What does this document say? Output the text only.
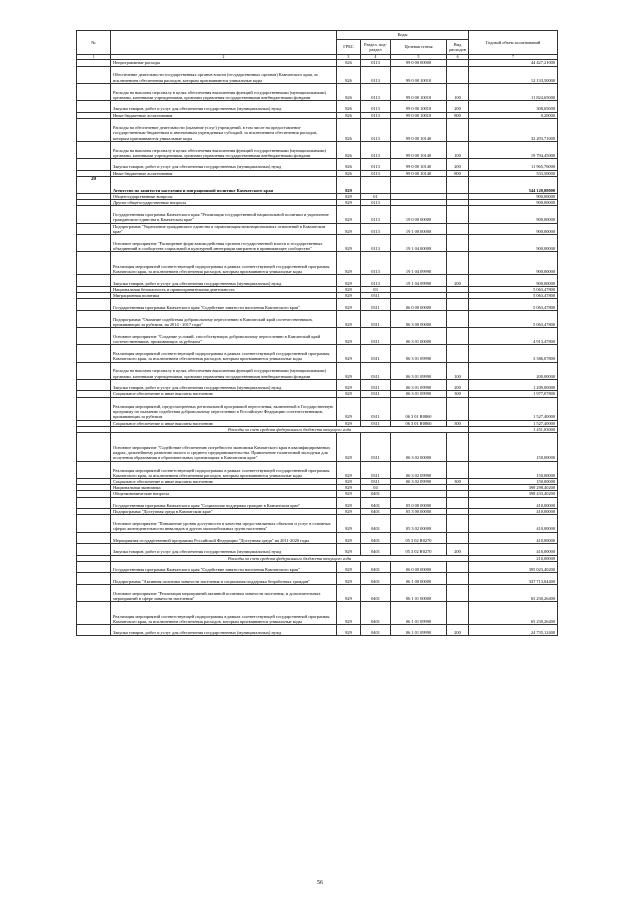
№		Коды				Годовой объем ассигнований
		ГРБС	Раздел, под-раздел	Целевая статья	Вид расходов	
1	2	3	4	5	6	7
	Непрограммные расходы	826	0113	99 0 00 00000		44 427,21000
	Обеспечение деятельности государственных органов власти (государственных органов) Камчатского края, за исключением обеспечения расходов, которым присваиваются уникальные коды	826	0113	99 0 00 10010		12 133,50000
	Расходы на выплаты персоналу в целях обеспечения выполнения функций государственными (муниципальными) органами, казенными учреждениями, органами управления государственными внебюджетными фондами	826	0113	99 0 00 10010	100	11 824,65000
	Закупка товаров, работ и услуг для обеспечения государственных (муниципальных) нужд	826	0113	99 0 00 10010	200	308,65000
	Иные бюджетные ассигнования	826	0113	99 0 00 10010	800	0,20000
	Расходы на обеспечение деятельности (оказание услуг) учреждений, в том числе на предоставление государственным бюджетным и автономным учреждениям субсидий, за исключением обеспечения расходов, которым присваиваются уникальные коды	826	0113	99 0 00 10140		32 293,71000
	Расходы на выплаты персоналу в целях обеспечения выполнения функций государственными (муниципальными) органами, казенными учреждениями, органами управления государственными внебюджетными фондами	826	0113	99 0 00 10140	100	19 794,45000
	Закупка товаров, работ и услуг для обеспечения государственных (муниципальных) нужд	826	0113	99 0 00 10140	200	11 965,76000
	Иные бюджетные ассигнования	826	0113	99 0 00 10140	800	533,50000
20	Агентство по занятости населения и миграционной политике Камчатского края	829				544 120,08000
	Общегосударственные вопросы	829	01			900,00000
	Другие общегосударственные вопросы	829	0113			900,00000
	Государственная программа Камчатского края "Реализация государственной национальной политики и укрепление гражданского единства в Камчатском крае"	829	0113	19 0 00 00000		900,00000
	Подпрограмма "Укрепление гражданского единства и гармонизация межнациональных отношений в Камчатском крае"	829	0113	19 1 00 00000		900,00000
	Основное мероприятие "Расширение форм взаимодействия органов государственной власти и государственных объединений в сообществе социальной и культурной интеграции мигрантов в принимающее сообщество"	829	0113	19 1 04 00000		900,00000
	Реализация мероприятий соответствующей подпрограммы в рамках соответствующей государственной программы Камчатского края, за исключением обеспечения расходов, которым присваиваются уникальные коды	829	0113	19 1 04 09990		900,00000
	Закупка товаров, работ и услуг для обеспечения государственных (муниципальных) нужд	829	0113	19 1 04 09990	200	900,00000
	Национальная безопасность и правоохранительная деятельность	829	03			5 063,47800
	Миграционная политика	829	0311			5 063,47800
	Государственная программа Камчатского края "Содействие занятости населения Камчатского края"	829	0311	06 0 00 00000		5 063,47800
	Подпрограмма "Оказание содействия добровольному переселению в Камчатский край соотечественников, проживающих за рубежом, на 2014 - 2017 годы"	829	0311	06 3 00 00000		5 063,47800
	Основное мероприятие "Создание условий, способствующих добровольному переселению в Камчатский край соотечественников, проживающих за рубежом"	829	0311	06 3 01 00000		4 913,47800
	Реализация мероприятий соответствующей подпрограммы в рамках соответствующей государственной программы Камчатского края, за исключением обеспечения расходов, которым присваиваются уникальные коды	829	0311	06 3 01 09990		3 386,07800
	Расходы на выплаты персоналу в целях обеспечения выполнения функций государственными (муниципальными) органами, казенными учреждениями, органами управления государственными внебюджетными фондами	829	0311	06 3 01 09990	100	200,00000
	Закупка товаров, работ и услуг для обеспечения государственных (муниципальных) нужд	829	0311	06 3 01 09990	200	1 209,00000
	Социальное обеспечение и иные выплаты населению	829	0311	06 3 01 09990	300	1 977,07800
	Реализация мероприятий, предусмотренных региональной программой переселения, включенной в Государственную программу по оказанию содействия добровольному переселению в Российскую Федерацию соотечественников, проживающих за рубежом	829	0311	06 3 01 R0860		1 527,40000
	Социальное обеспечение и иные выплаты населению	829	0311	06 3 01 R0860	300	1 527,40000
	Расходы за счет средств федерального бюджета текущего года					1 451,03000
	Основное мероприятие "Содействие обеспечению потребности экономики Камчатского края в квалифицированных кадрах, дальнейшему развитию малого и среднего предпринимательства. Привлечение талантливой молодежи для получения образования в образовательных организациях в Камчатском крае"	829	0311	06 3 02 00000		150,00000
	Реализация мероприятий соответствующей подпрограммы в рамках соответствующей государственной программы Камчатского края, за исключением обеспечения расходов, которым присваиваются уникальные коды	829	0311	06 3 02 09990		150,00000
	Социальное обеспечение и иные выплаты населению	829	0311	06 3 02 09990	300	150,00000
	Национальная экономика	829	04			398 298,40200
	Общеэкономические вопросы	829	0401			398 433,40200
	Государственная программа Камчатского края "Социальная поддержка граждан в Камчатском крае"	829	0401	05 0 00 00000		410,00000
	Подпрограмма "Доступная среда в Камчатском крае"	829	0401	05 3 00 00000		410,00000
	Основное мероприятие "Повышение уровня доступности и качества предоставляемых объектов и услуг в основных сферах жизнедеятельности инвалидов и других маломобильных групп населения"	829	0401	05 3 02 00000		410,00000
	Мероприятия государственной программы Российской Федерации "Доступная среда" на 2011-2020 годы	829	0401	05 3 02 R0270		410,00000
	Закупка товаров, работ и услуг для обеспечения государственных (муниципальных) нужд	829	0401	05 3 02 R0270	200	410,00000
	Расходы за счет средств федерального бюджета текущего года					210,00000
	Государственная программа Камчатского края "Содействие занятости населения Камчатского края"	829	0401	06 0 00 00000		395 023,40200
	Подпрограмма "Активная политика занятости населения и социальная поддержка безработных граждан"	829	0401	06 1 00 00000		337 713,64400
	Основное мероприятие "Реализация мероприятий активной политики занятости населения, и дополнительных мероприятий в сфере занятости населения"	829	0401	06 1 01 00000		65 230,26400
	Реализация мероприятий соответствующей подпрограммы в рамках соответствующей государственной программы Камчатского края, за исключением обеспечения расходов, которым присваиваются уникальные коды	829	0401	06 1 01 09990		65 230,26400
	Закупка товаров, работ и услуг для обеспечения государственных (муниципальных) нужд	829	0401	06 1 01 09990	200	24 735,12400
56
